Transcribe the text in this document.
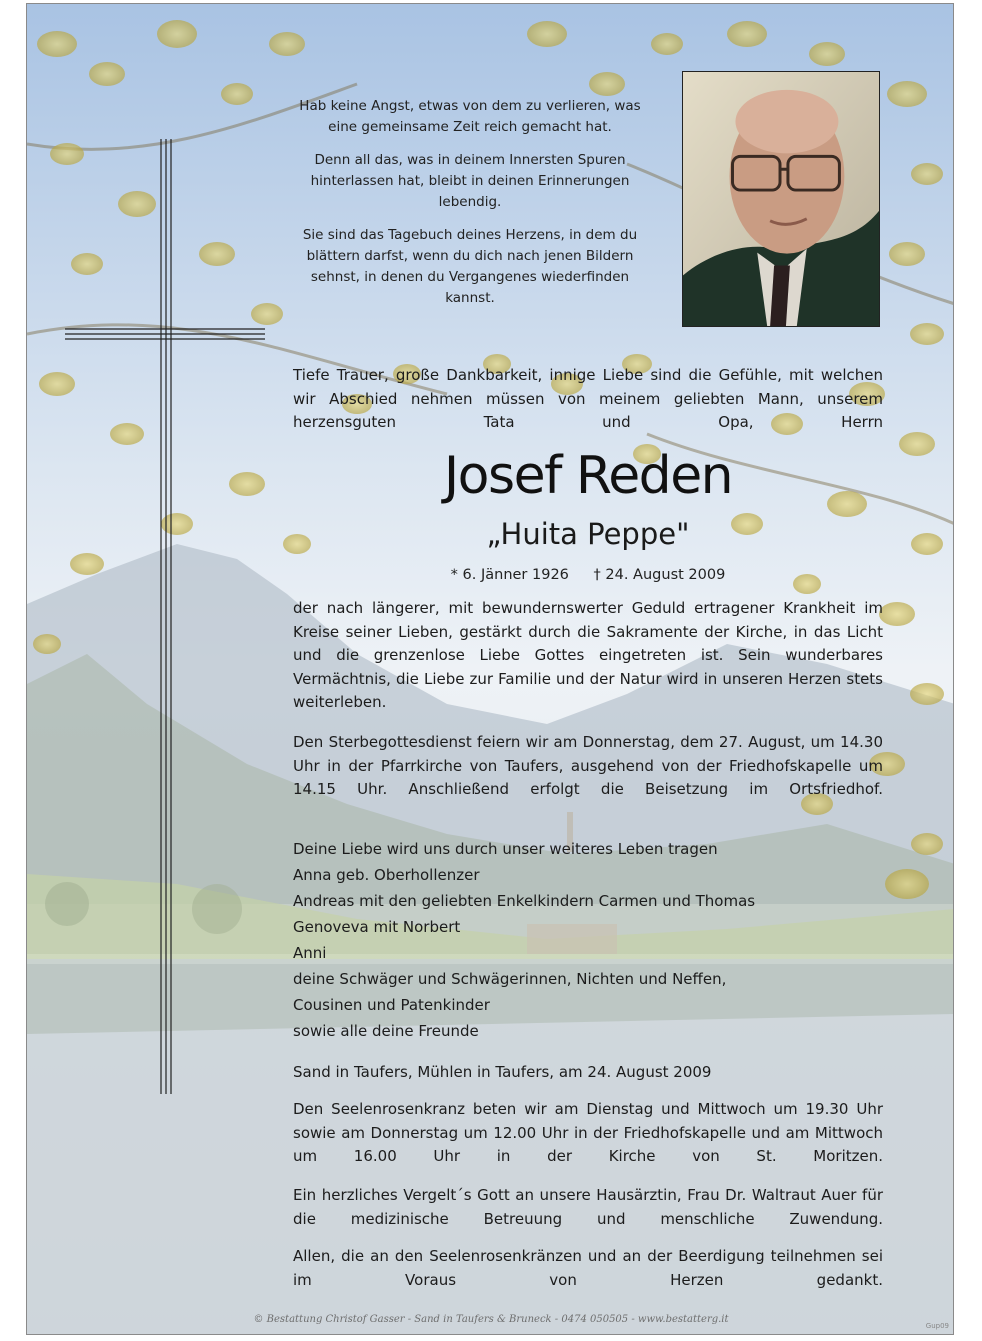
Hab keine Angst, etwas von dem zu verlieren, was eine gemeinsame Zeit reich gemacht hat.

Denn all das, was in deinem Innersten Spuren hinterlassen hat, bleibt in deinen Erinnerungen lebendig.

Sie sind das Tagebuch deines Herzens, in dem du blättern darfst, wenn du dich nach jenen Bildern sehnst, in denen du Vergangenes wiederfinden kannst.

Tiefe Trauer, große Dankbarkeit, innige Liebe sind die Gefühle, mit welchen wir Abschied nehmen müssen von meinem geliebten Mann, unserem herzensguten Tata und Opa, Herrn

Josef Reden
„Huita Peppe"
* 6. Jänner 1926 † 24. August 2009

der nach längerer, mit bewundernswerter Geduld ertragener Krankheit im Kreise seiner Lieben, gestärkt durch die Sakramente der Kirche, in das Licht und die grenzenlose Liebe Gottes eingetreten ist. Sein wunderbares Vermächtnis, die Liebe zur Familie und der Natur wird in unseren Herzen stets weiterleben.

Den Sterbegottesdienst feiern wir am Donnerstag, dem 27. August, um 14.30 Uhr in der Pfarrkirche von Taufers, ausgehend von der Friedhofskapelle um 14.15 Uhr. Anschließend erfolgt die Beisetzung im Ortsfriedhof.

Deine Liebe wird uns durch unser weiteres Leben tragen
Anna geb. Oberhollenzer
Andreas mit den geliebten Enkelkindern Carmen und Thomas
Genoveva mit Norbert
Anni
deine Schwäger und Schwägerinnen, Nichten und Neffen,
Cousinen und Patenkinder
sowie alle deine Freunde

Sand in Taufers, Mühlen in Taufers, am 24. August 2009

Den Seelenrosenkranz beten wir am Dienstag und Mittwoch um 19.30 Uhr sowie am Donnerstag um 12.00 Uhr in der Friedhofskapelle und am Mittwoch um 16.00 Uhr in der Kirche von St. Moritzen.

Ein herzliches Vergelt´s Gott an unsere Hausärztin, Frau Dr. Waltraut Auer für die medizinische Betreuung und menschliche Zuwendung.

Allen, die an den Seelenrosenkränzen und an der Beerdigung teilnehmen sei im Voraus von Herzen gedankt.

© Bestattung Christof Gasser - Sand in Taufers & Bruneck - 0474 050505 - www.bestatterg.it
Gup09
